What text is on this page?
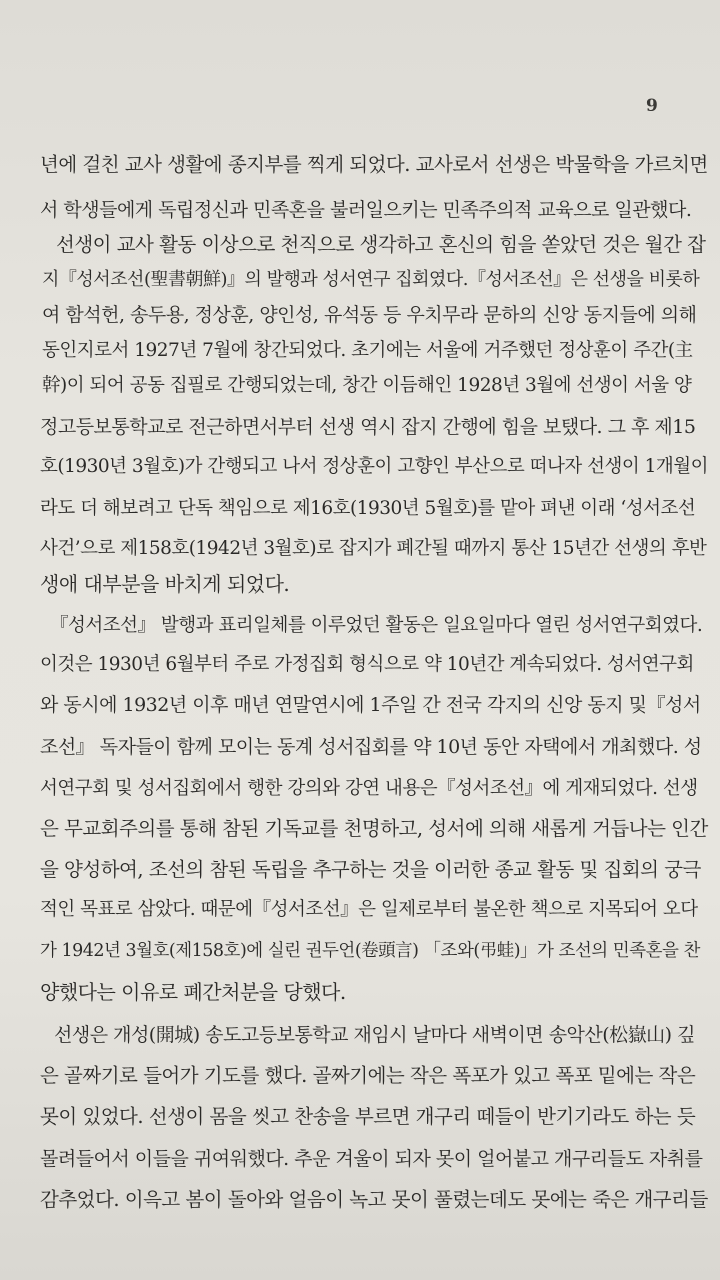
9
년에 걸친 교사 생활에 종지부를 찍게 되었다. 교사로서 선생은 박물학을 가르치면
서 학생들에게 독립정신과 민족혼을 불러일으키는 민족주의적 교육으로 일관했다.
선생이 교사 활동 이상으로 천직으로 생각하고 혼신의 힘을 쏟았던 것은 월간 잡
지『성서조선(聖書朝鮮)』의 발행과 성서연구 집회였다.『성서조선』은 선생을 비롯하
여 함석헌, 송두용, 정상훈, 양인성, 유석동 등 우치무라 문하의 신앙 동지들에 의해
동인지로서 1927년 7월에 창간되었다. 초기에는 서울에 거주했던 정상훈이 주간(主
幹)이 되어 공동 집필로 간행되었는데, 창간 이듬해인 1928년 3월에 선생이 서울 양
정고등보통학교로 전근하면서부터 선생 역시 잡지 간행에 힘을 보탰다. 그 후 제15
호(1930년 3월호)가 간행되고 나서 정상훈이 고향인 부산으로 떠나자 선생이 1개월이
라도 더 해보려고 단독 책임으로 제16호(1930년 5월호)를 맡아 펴낸 이래 ‘성서조선
사건’으로 제158호(1942년 3월호)로 잡지가 폐간될 때까지 통산 15년간 선생의 후반
생애 대부분을 바치게 되었다.
『성서조선』 발행과 표리일체를 이루었던 활동은 일요일마다 열린 성서연구회였다.
이것은 1930년 6월부터 주로 가정집회 형식으로 약 10년간 계속되었다. 성서연구회
와 동시에 1932년 이후 매년 연말연시에 1주일 간 전국 각지의 신앙 동지 및『성서
조선』 독자들이 함께 모이는 동계 성서집회를 약 10년 동안 자택에서 개최했다. 성
서연구회 및 성서집회에서 행한 강의와 강연 내용은『성서조선』에 게재되었다. 선생
은 무교회주의를 통해 참된 기독교를 천명하고, 성서에 의해 새롭게 거듭나는 인간
을 양성하여, 조선의 참된 독립을 추구하는 것을 이러한 종교 활동 및 집회의 궁극
적인 목표로 삼았다. 때문에『성서조선』은 일제로부터 불온한 책으로 지목되어 오다
가 1942년 3월호(제158호)에 실린 권두언(卷頭言) 「조와(弔蛙)」가 조선의 민족혼을 찬
양했다는 이유로 폐간처분을 당했다.
선생은 개성(開城) 송도고등보통학교 재임시 날마다 새벽이면 송악산(松嶽山) 깊
은 골짜기로 들어가 기도를 했다. 골짜기에는 작은 폭포가 있고 폭포 밑에는 작은
못이 있었다. 선생이 몸을 씻고 찬송을 부르면 개구리 떼들이 반기기라도 하는 듯
몰려들어서 이들을 귀여워했다. 추운 겨울이 되자 못이 얼어붙고 개구리들도 자취를
감추었다. 이윽고 봄이 돌아와 얼음이 녹고 못이 풀렸는데도 못에는 죽은 개구리들
